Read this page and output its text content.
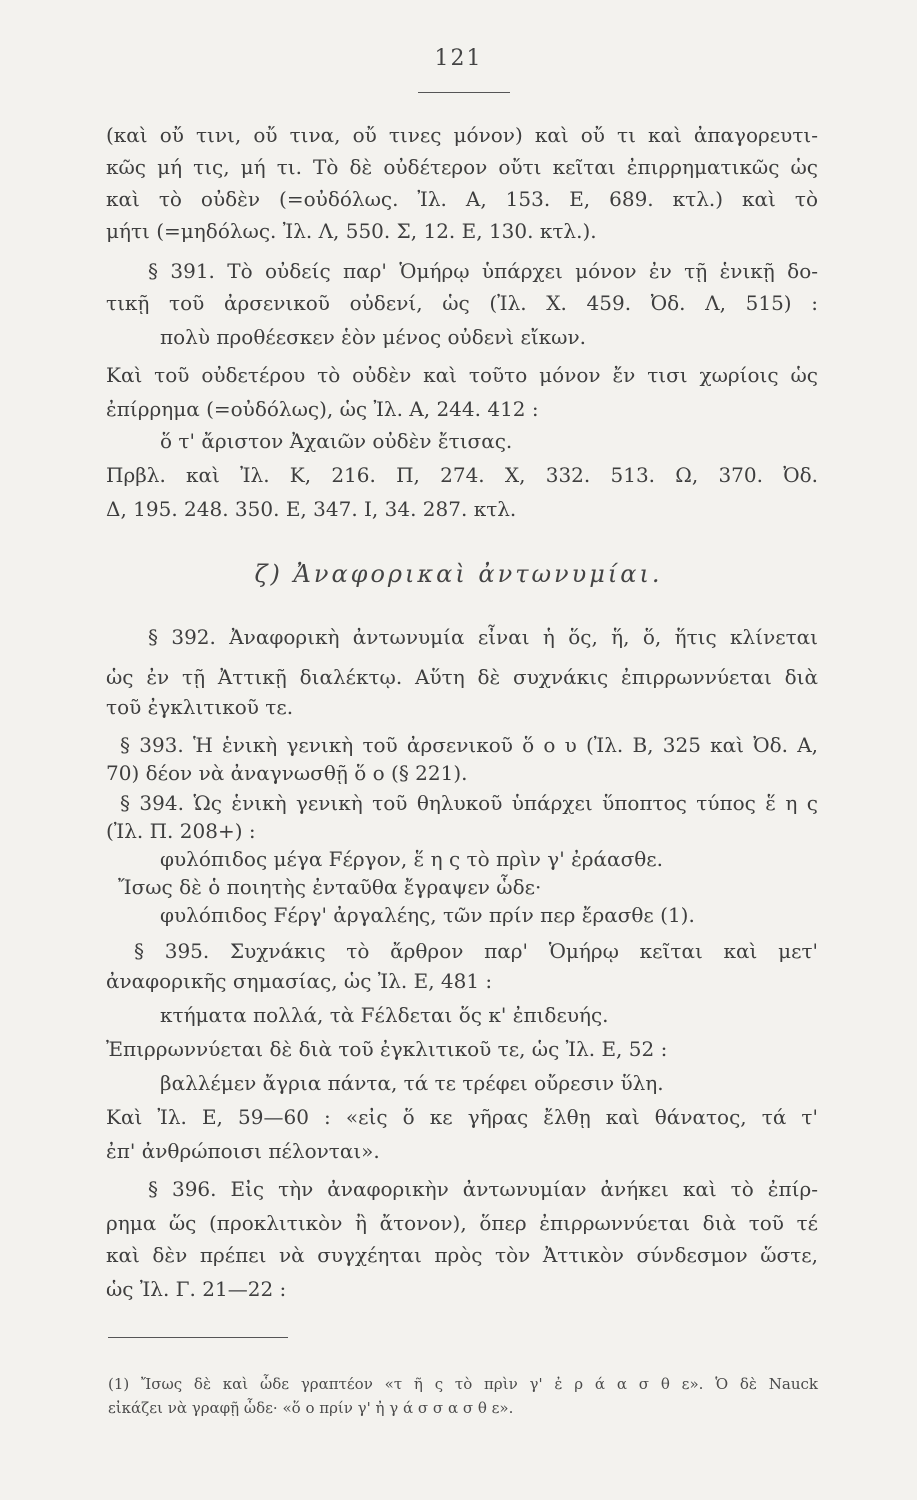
121
(καὶ οὔ τινι, οὔ τινα, οὔ τινες μόνον) καὶ οὔ τι καὶ ἀπαγορευτι-
κῶς μή τις, μή τι. Τὸ δὲ οὐδέτερον οὔτι κεῖται ἐπιρρηματικῶς ὡς
καὶ τὸ οὐδὲν (=οὐδόλως. Ἰλ. Α, 153. Ε, 689. κτλ.) καὶ τὸ
μήτι (=μηδόλως. Ἰλ. Λ, 550. Σ, 12. Ε, 130. κτλ.).
§ 391. Τὸ οὐδείς παρ' Ὁμήρῳ ὑπάρχει μόνον ἐν τῇ ἑνικῇ δο-
τικῇ τοῦ ἀρσενικοῦ οὐδενί, ὡς (Ἰλ. Χ. 459. Ὀδ. Λ, 515) :
πολὺ προθέεσκεν ἑὸν μένος οὐδενὶ εἴκων.
Καὶ τοῦ οὐδετέρου τὸ οὐδὲν καὶ τοῦτο μόνον ἔν τισι χωρίοις ὡς
ἐπίρρημα (=οὐδόλως), ὡς Ἰλ. Α, 244. 412 :
ὅ τ' ἄριστον Ἀχαιῶν οὐδὲν ἔτισας.
Πρβλ. καὶ Ἰλ. Κ, 216. Π, 274. Χ, 332. 513. Ω, 370. Ὀδ.
Δ, 195. 248. 350. Ε, 347. Ι, 34. 287. κτλ.
ζ) Ἀναφορικαὶ ἀντωνυμίαι.
§ 392. Ἀναφορικὴ ἀντωνυμία εἶναι ἡ ὅς, ἥ, ὅ, ἥτις κλίνεται
ὡς ἐν τῇ Ἀττικῇ διαλέκτῳ. Αὕτη δὲ συχνάκις ἐπιρρωννύεται διὰ
τοῦ ἐγκλιτικοῦ τε.
§ 393. Ἡ ἑνικὴ γενικὴ τοῦ ἀρσενικοῦ ὅ ο υ (Ἰλ. Β, 325 καὶ Ὀδ. Α,
70) δέον νὰ ἀναγνωσθῇ ὅ ο (§ 221).
§ 394. Ὡς ἑνικὴ γενικὴ τοῦ θηλυκοῦ ὑπάρχει ὕποπτος τύπος ἕ η ς
(Ἰλ. Π. 208+) :
φυλόπιδος μέγα Fέργον, ἕ η ς τὸ πρὶν γ' ἐράασθε.
Ἴσως δὲ ὁ ποιητὴς ἐνταῦθα ἔγραψεν ὧδε·
φυλόπιδος Fέργ' ἀργαλέης, τῶν πρίν περ ἔρασθε (1).
§ 395. Συχνάκις τὸ ἄρθρον παρ' Ὁμήρῳ κεῖται καὶ μετ'
ἀναφορικῆς σημασίας, ὡς Ἰλ. Ε, 481 :
κτήματα πολλά, τὰ Fέλδεται ὅς κ' ἐπιδευής.
Ἐπιρρωννύεται δὲ διὰ τοῦ ἐγκλιτικοῦ τε, ὡς Ἰλ. Ε, 52 :
βαλλέμεν ἄγρια πάντα, τά τε τρέφει οὔρεσιν ὕλη.
Καὶ Ἰλ. Ε, 59—60 : «εἰς ὅ κε γῆρας ἔλθῃ καὶ θάνατος, τά τ'
ἐπ' ἀνθρώποισι πέλονται».
§ 396. Εἰς τὴν ἀναφορικὴν ἀντωνυμίαν ἀνήκει καὶ τὸ ἐπίρ-
ρημα ὥς (προκλιτικὸν ἢ ἄτονον), ὅπερ ἐπιρρωννύεται διὰ τοῦ τέ
καὶ δὲν πρέπει νὰ συγχέηται πρὸς τὸν Ἀττικὸν σύνδεσμον ὥστε,
ὡς Ἰλ. Γ. 21—22 :
(1) Ἴσως δὲ καὶ ὧδε γραπτέον «τ ῆ ς τὸ πρὶν γ' ἐ ρ ά α σ θ ε». Ὁ δὲ Nauck
εἰκάζει νὰ γραφῇ ὧδε· «ὅ ο πρίν γ' ἠ γ ά σ σ α σ θ ε».
